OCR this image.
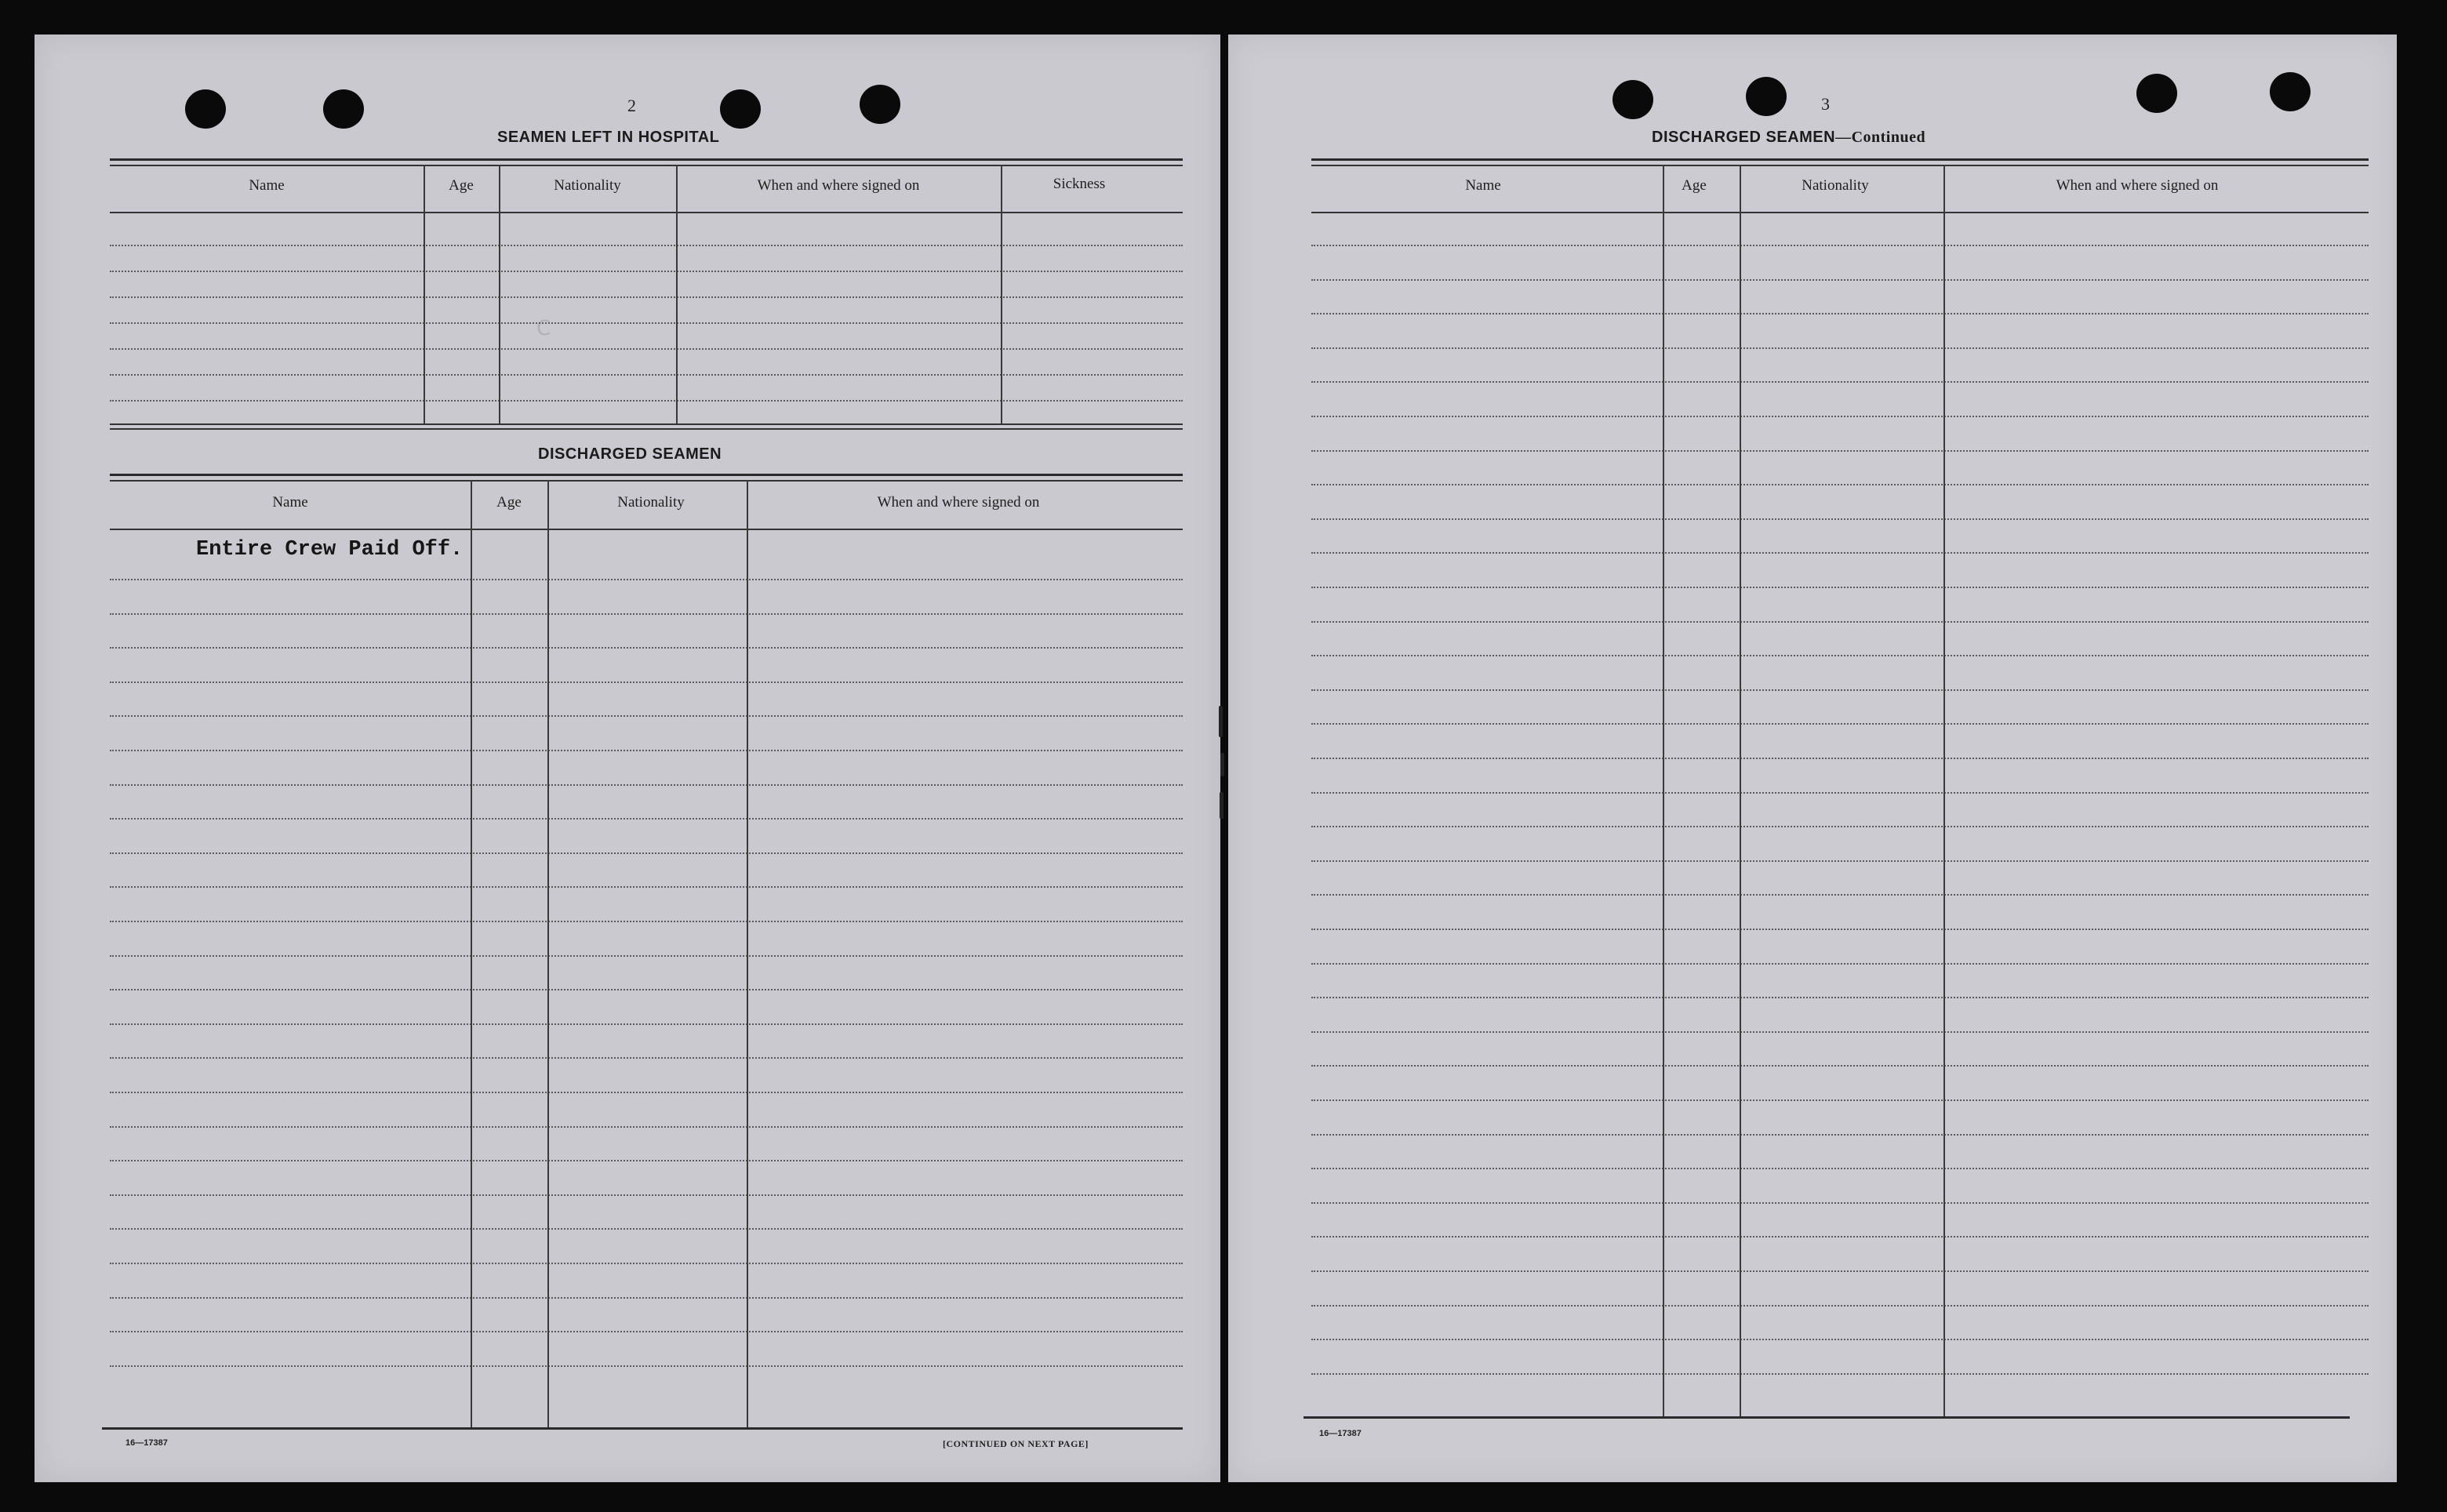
2
SEAMEN LEFT IN HOSPITAL
Name	Age	Nationality	When and where signed on	Sickness
DISCHARGED SEAMEN
Name	Age	Nationality	When and where signed on
Entire Crew Paid Off.
Ↄ
16—17387	[CONTINUED ON NEXT PAGE]
3
DISCHARGED SEAMEN—Continued
Name	Age	Nationality	When and where signed on
16—17387
